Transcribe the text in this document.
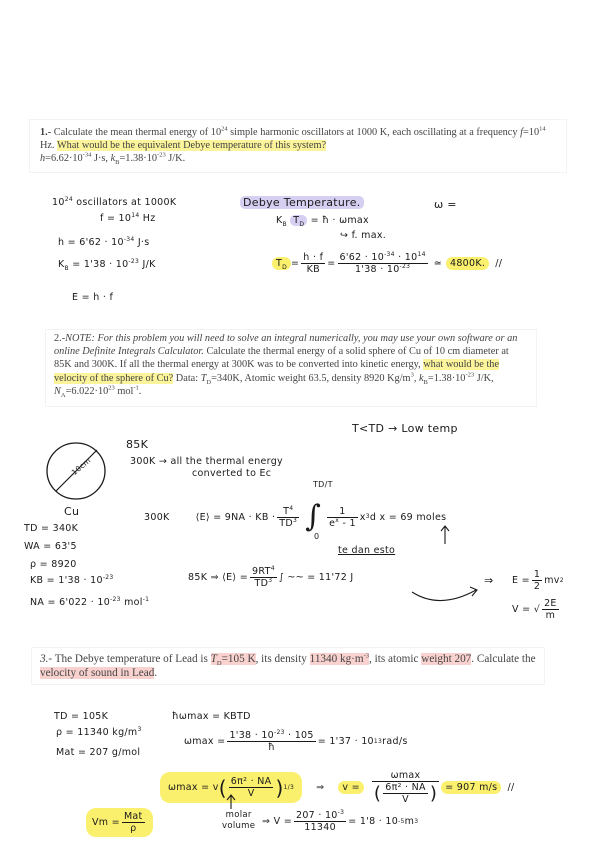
1.- Calculate the mean thermal energy of $10^{24}$ simple harmonic oscillators at 1000 K, each oscillating at a frequency $f=10^{14}$ Hz. What would be the equivalent Debye temperature of this system?
$h=6.62\cdot 10^{-34}$ J·s, $k_B=1.38\cdot 10^{-23}$ J/K.
$10^{24}$ oscillators at 1000K
$f = 10^{14}$ Hz
$h = 6'62 \cdot 10^{-34}$ J·s
$K_B = 1'38 \cdot 10^{-23}$ J/K
E = h · f
Debye Temperature.
$K_B$ $T_D$ = ħ · ωmax
↪ f. max.
ω =
$T_D = \frac{h \cdot f}{KB} = \frac{6'62 \cdot 10^{-34} \cdot 10^{14}}{1'38 \cdot 10^{-23}}$ ≃ 4800K.	//
2.-NOTE: For this problem you will need to solve an integral numerically, you may use your own software or an online Definite Integrals Calculator. Calculate the thermal energy of a solid sphere of Cu of 10 cm diameter at 85K and 300K. If all the thermal energy at 300K was to be converted into kinetic energy, what would be the velocity of the sphere of Cu? Data: $T_D=340K$, Atomic weight 63.5, density 8920 $Kg/m^3$, $k_B=1.38\cdot 10^{-23}$ J/K, $N_A=6.022\cdot 10^{23}$ mol$^{-1}$.
T<TD → Low temp
85K
300K → all the thermal energy
converted to Ec
10cm
Cu
TD = 340K
WA = 63'5
ρ = 8920
KB = $1'38 \cdot 10^{-23}$
NA = $6'022 \cdot 10^{-23}$ mol$^{-1}$
300K	⟨E⟩ = 9NA · KB · $\frac{T^4}{TD^3}$ ∫ $\frac{1}{e^x - 1}$ x 3 d x = 69 moles
TD/T
0
te dan esto
85K ⇒ ⟨E⟩ = $\frac{9RT^4}{TD^3}$ ∫ ~~ = 11'72 J	⇒ $E = \frac{1}{2}$ mv 2
V = √ $\frac{2E}{m}$
3.- The Debye temperature of Lead is $T_D=105$ K, its density 11340 $kg\cdot m^{-3}$, its atomic weight 207. Calculate the velocity of sound in Lead.
TD = 105K
ρ = 11340 $kg/m^3$
Mat = 207 g/mol
ħωmax = KBTD
$\omega\max = \frac{1'38 \cdot 10^{-23} \cdot 105}{ħ} = 1'37 \cdot 10$ 13 rad/s
ωmax = v ( $\frac{\text{6π² · NA}}{V}$ ) 1/3 ⇒	v =	$\frac{\omega\max}{( \frac{\text{6π² · NA}}{V} )} = 907$ m/s	//
molar
volume ⇒ $V = \frac{207 \cdot 10^{-3}}{11340} = 1'8 \cdot 10$ -5 m 3
$Vm = \frac{\text{Mat}}{\rho}$
